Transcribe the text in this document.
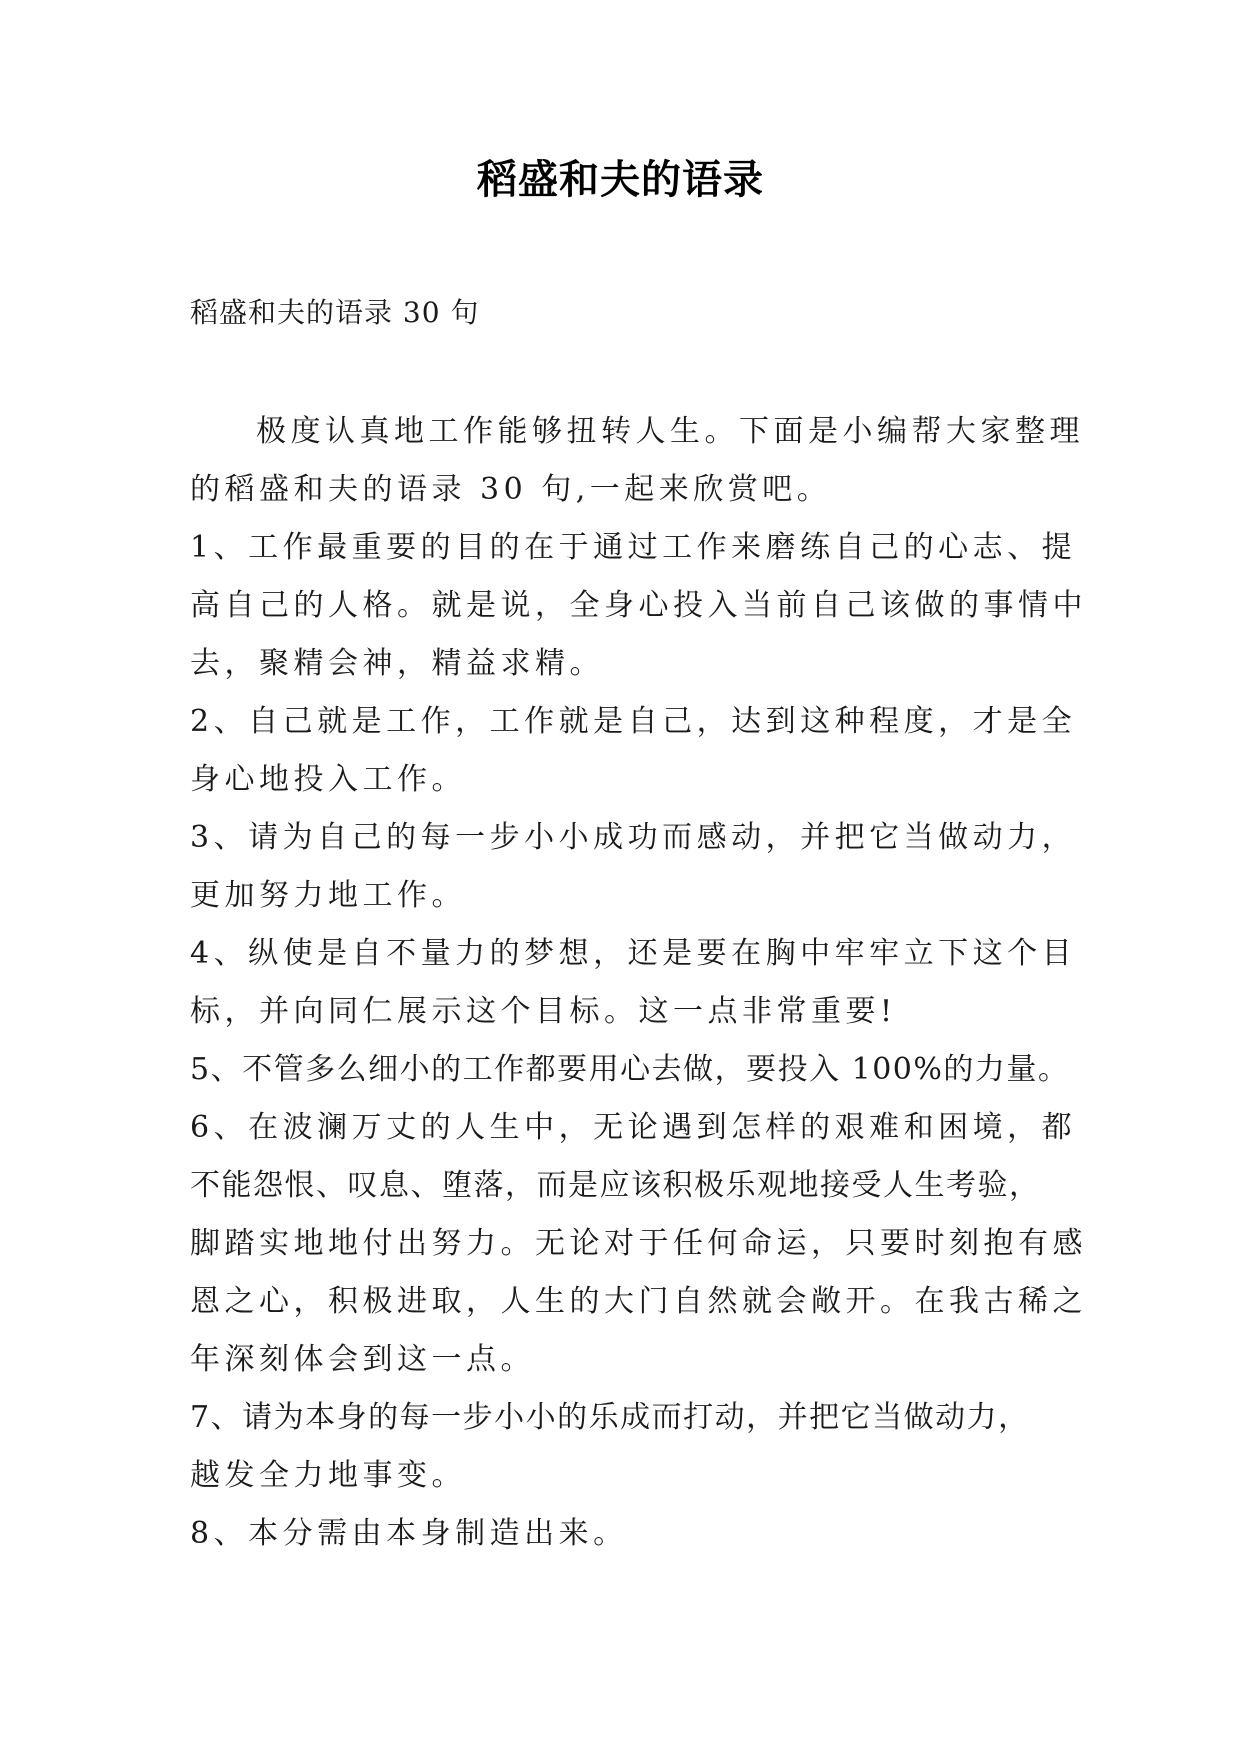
稻盛和夫的语录
稻盛和夫的语录 30 句
极度认真地工作能够扭转人生。下面是小编帮大家整理
的稻盛和夫的语录 30 句,一起来欣赏吧。
1、工作最重要的目的在于通过工作来磨练自己的心志、提
高自己的人格。就是说，全身心投入当前自己该做的事情中
去，聚精会神，精益求精。
2、自己就是工作，工作就是自己，达到这种程度，才是全
身心地投入工作。
3、请为自己的每一步小小成功而感动，并把它当做动力，
更加努力地工作。
4、纵使是自不量力的梦想，还是要在胸中牢牢立下这个目
标，并向同仁展示这个目标。这一点非常重要!
5、不管多么细小的工作都要用心去做，要投入 100%的力量。
6、在波澜万丈的人生中，无论遇到怎样的艰难和困境，都
不能怨恨、叹息、堕落，而是应该积极乐观地接受人生考验，
脚踏实地地付出努力。无论对于任何命运，只要时刻抱有感
恩之心，积极进取，人生的大门自然就会敞开。在我古稀之
年深刻体会到这一点。
7、请为本身的每一步小小的乐成而打动，并把它当做动力，
越发全力地事变。
8、本分需由本身制造出来。
